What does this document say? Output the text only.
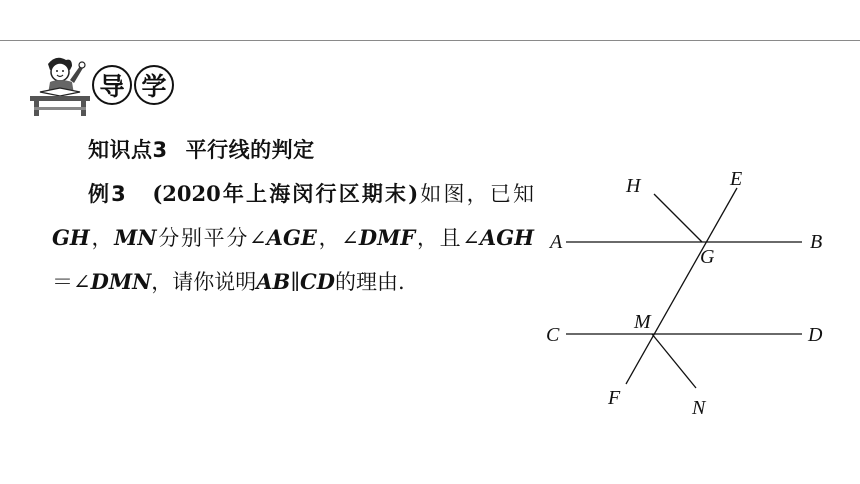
导 学
知识点3 平行线的判定

例3 (2020年上海闵行区期末)如图，已知GH，MN分别平分∠AGE，∠DMF，且∠AGH＝∠DMN，请你说明AB∥CD的理由.

A	B
C	D
E
F
G
H
M
N
